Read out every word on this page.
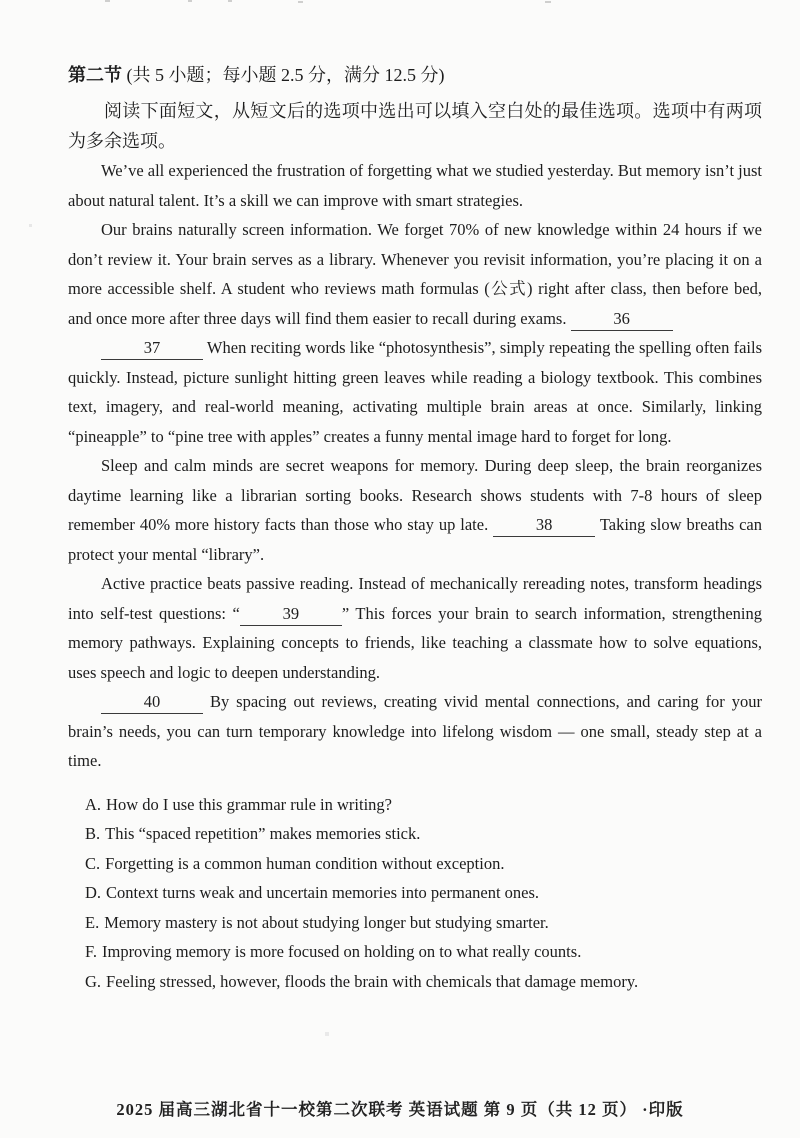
第二节 (共 5 小题；每小题 2.5 分，满分 12.5 分)
阅读下面短文，从短文后的选项中选出可以填入空白处的最佳选项。选项中有两项为多余选项。

We’ve all experienced the frustration of forgetting what we studied yesterday. But memory isn’t just about natural talent. It’s a skill we can improve with smart strategies.

Our brains naturally screen information. We forget 70% of new knowledge within 24 hours if we don’t review it. Your brain serves as a library. Whenever you revisit information, you’re placing it on a more accessible shelf. A student who reviews math formulas (公式) right after class, then before bed, and once more after three days will find them easier to recall during exams.	36

37	When reciting words like “photosynthesis”, simply repeating the spelling often fails quickly. Instead, picture sunlight hitting green leaves while reading a biology textbook. This combines text, imagery, and real-world meaning, activating multiple brain areas at once. Similarly, linking “pineapple” to “pine tree with apples” creates a funny mental image hard to forget for long.

Sleep and calm minds are secret weapons for memory. During deep sleep, the brain reorganizes daytime learning like a librarian sorting books. Research shows students with 7-8 hours of sleep remember 40% more history facts than those who stay up late.	38	Taking slow breaths can protect your mental “library”.

Active practice beats passive reading. Instead of mechanically rereading notes, transform headings into self-test questions: “	39	” This forces your brain to search information, strengthening memory pathways. Explaining concepts to friends, like teaching a classmate how to solve equations, uses speech and logic to deepen understanding.

40	By spacing out reviews, creating vivid mental connections, and caring for your brain’s needs, you can turn temporary knowledge into lifelong wisdom — one small, steady step at a time.

A. How do I use this grammar rule in writing?
B. This “spaced repetition” makes memories stick.
C. Forgetting is a common human condition without exception.
D. Context turns weak and uncertain memories into permanent ones.
E. Memory mastery is not about studying longer but studying smarter.
F. Improving memory is more focused on holding on to what really counts.
G. Feeling stressed, however, floods the brain with chemicals that damage memory.
2025 届高三湖北省十一校第二次联考 英语试题 第 9 页（共 12 页） ·印版
